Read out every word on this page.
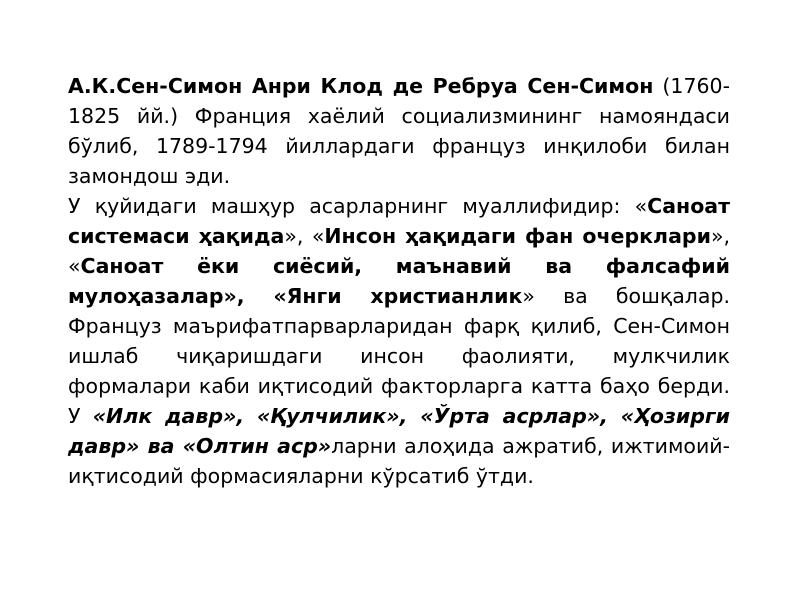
А.К.Сен-Симон Анри Клод де Ребруа Сен-Симон (1760-1825 йй.) Франция хаёлий социализмининг намояндаси бўлиб, 1789-1794 йиллардаги француз инқилоби билан замондош эди.

У қуйидаги машҳур асарларнинг муаллифидир: «Саноат системаси ҳақида», «Инсон ҳақидаги фан очерклари», «Саноат ёки сиёсий, маънавий ва фалсафий мулоҳазалар», «Янги христианлик» ва бошқалар. Француз маърифатпарварларидан фарқ қилиб, Сен-Симон ишлаб чиқаришдаги инсон фаолияти, мулкчилик формалари каби иқтисодий факторларга катта баҳо берди. У «Илк давр», «Қулчилик», «Ўрта асрлар», «Ҳозирги давр» ва «Олтин аср»ларни алоҳида ажратиб, ижтимоий-иқтисодий формасияларни кўрсатиб ўтди.
